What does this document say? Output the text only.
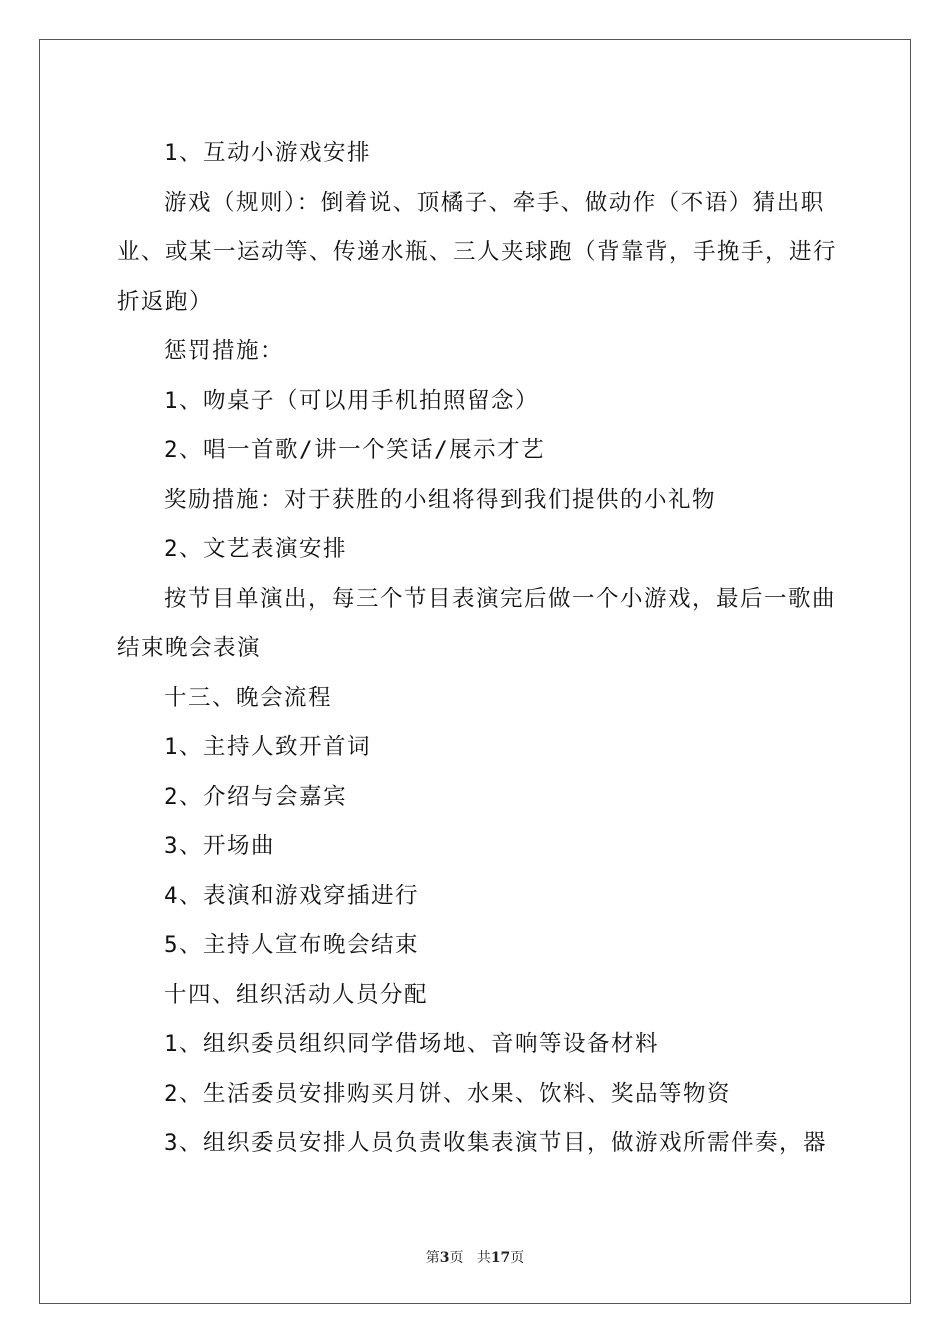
1、互动小游戏安排

游戏（规则）：倒着说、顶橘子、牵手、做动作（不语）猜出职业、或某一运动等、传递水瓶、三人夹球跑（背靠背，手挽手，进行折返跑）

惩罚措施：

1、吻桌子（可以用手机拍照留念）

2、唱一首歌/讲一个笑话/展示才艺

奖励措施：对于获胜的小组将得到我们提供的小礼物

2、文艺表演安排

按节目单演出，每三个节目表演完后做一个小游戏，最后一歌曲结束晚会表演

十三、晚会流程

1、主持人致开首词

2、介绍与会嘉宾

3、开场曲

4、表演和游戏穿插进行

5、主持人宣布晚会结束

十四、组织活动人员分配

1、组织委员组织同学借场地、音响等设备材料

2、生活委员安排购买月饼、水果、饮料、奖品等物资

3、组织委员安排人员负责收集表演节目，做游戏所需伴奏，器

第3页 共17页
